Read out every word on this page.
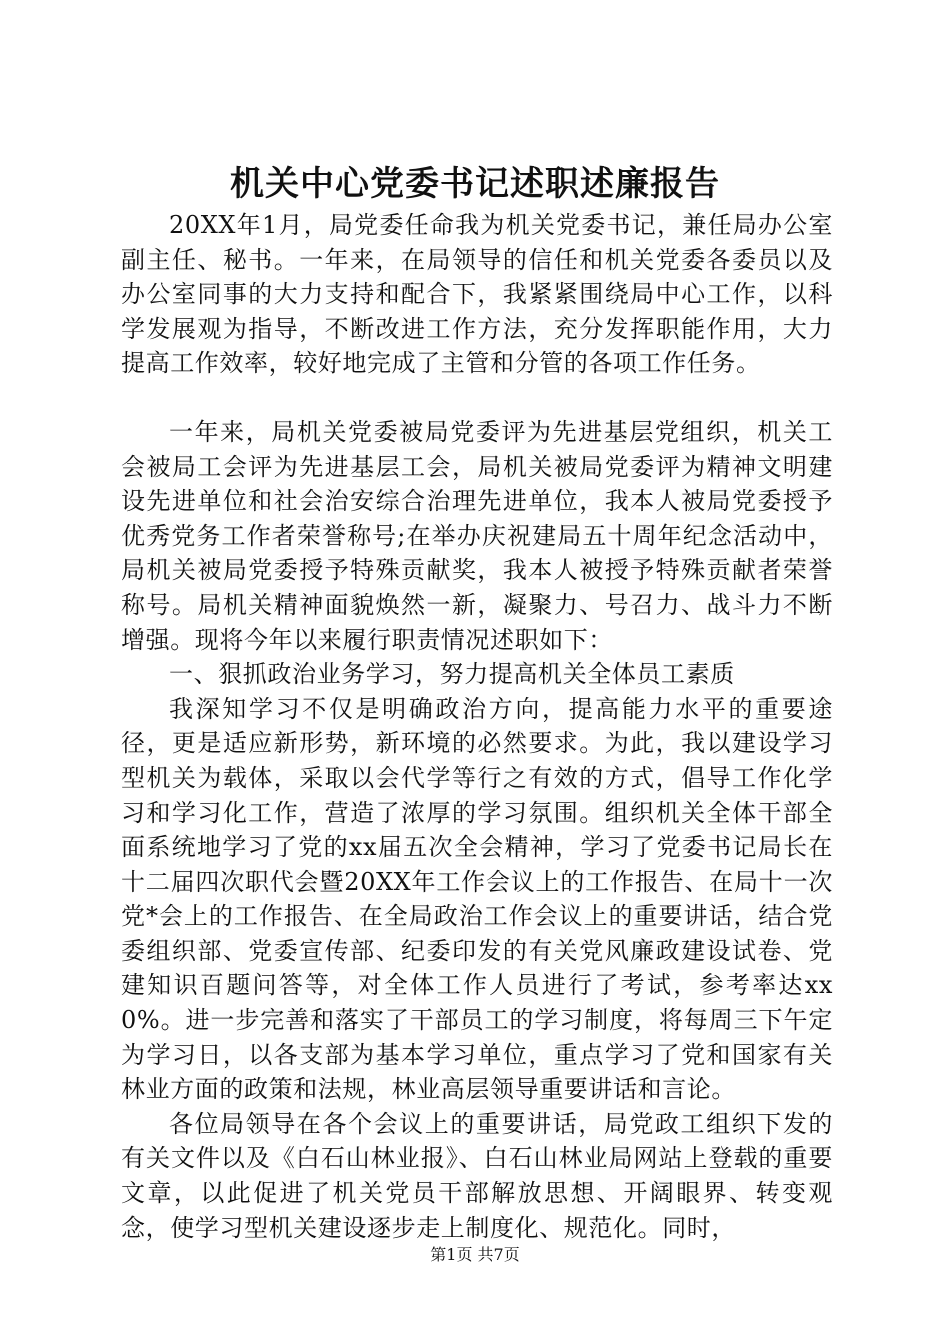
机关中心党委书记述职述廉报告

20XX年1月，局党委任命我为机关党委书记，兼任局办公室副主任、秘书。一年来，在局领导的信任和机关党委各委员以及办公室同事的大力支持和配合下，我紧紧围绕局中心工作，以科学发展观为指导，不断改进工作方法，充分发挥职能作用，大力提高工作效率，较好地完成了主管和分管的各项工作任务。

一年来，局机关党委被局党委评为先进基层党组织，机关工会被局工会评为先进基层工会，局机关被局党委评为精神文明建设先进单位和社会治安综合治理先进单位，我本人被局党委授予优秀党务工作者荣誉称号;在举办庆祝建局五十周年纪念活动中，局机关被局党委授予特殊贡献奖，我本人被授予特殊贡献者荣誉称号。局机关精神面貌焕然一新，凝聚力、号召力、战斗力不断增强。现将今年以来履行职责情况述职如下：

一、狠抓政治业务学习，努力提高机关全体员工素质

我深知学习不仅是明确政治方向，提高能力水平的重要途径，更是适应新形势，新环境的必然要求。为此，我以建设学习型机关为载体，采取以会代学等行之有效的方式，倡导工作化学习和学习化工作，营造了浓厚的学习氛围。组织机关全体干部全面系统地学习了党的xx届五次全会精神，学习了党委书记局长在十二届四次职代会暨20XX年工作会议上的工作报告、在局十一次党*会上的工作报告、在全局政治工作会议上的重要讲话，结合党委组织部、党委宣传部、纪委印发的有关党风廉政建设试卷、党建知识百题问答等，对全体工作人员进行了考试，参考率达xx0%。进一步完善和落实了干部员工的学习制度，将每周三下午定为学习日，以各支部为基本学习单位，重点学习了党和国家有关林业方面的政策和法规，林业高层领导重要讲话和言论。

各位局领导在各个会议上的重要讲话，局党政工组织下发的有关文件以及《白石山林业报》、白石山林业局网站上登载的重要文章，以此促进了机关党员干部解放思想、开阔眼界、转变观念，使学习型机关建设逐步走上制度化、规范化。同时，

第1页 共7页
